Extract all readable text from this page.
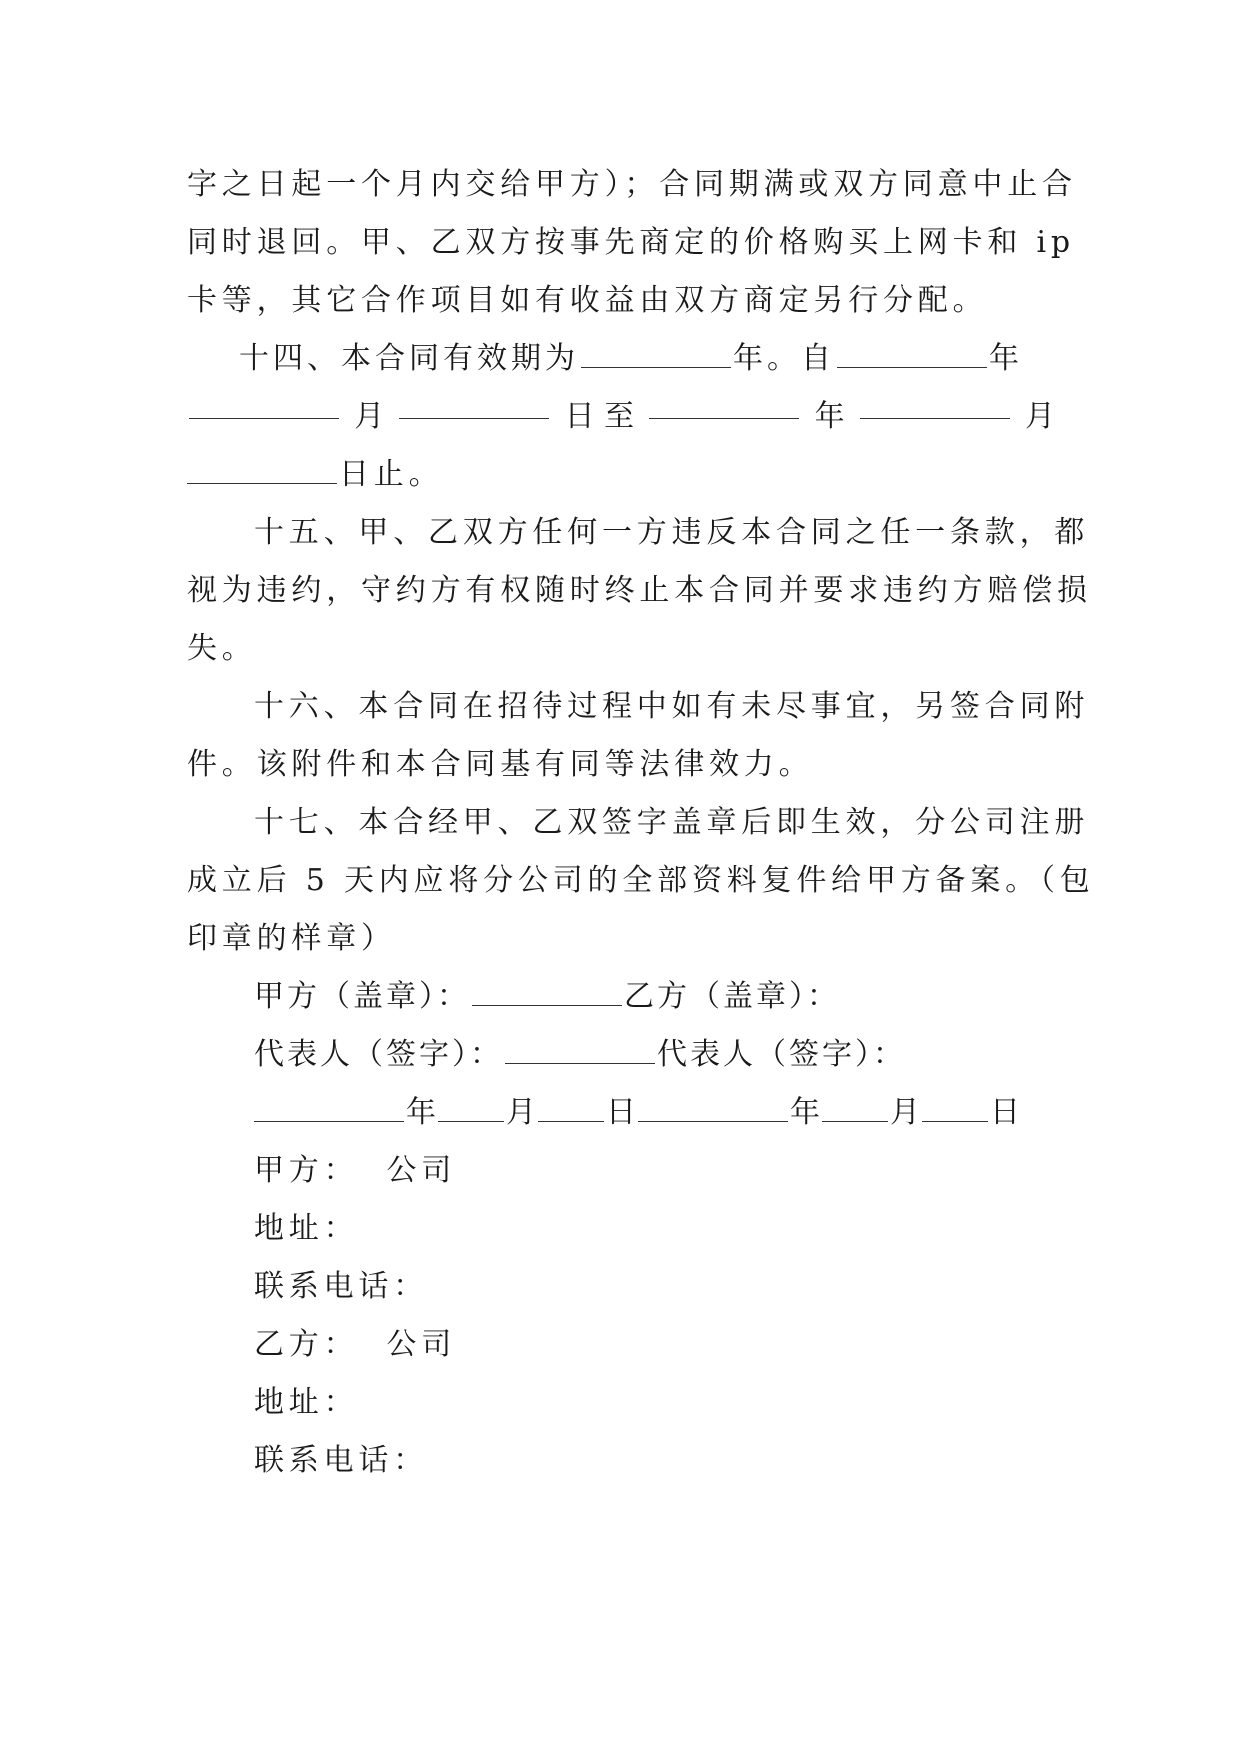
字之日起一个月内交给甲方）；合同期满或双方同意中止合
同时退回。甲、乙双方按事先商定的价格购买上网卡和 ip
卡等，其它合作项目如有收益由双方商定另行分配。
十四、本合同有效期为	年。自	年
月	日 至	年	月
日止。
十五、甲、乙双方任何一方违反本合同之任一条款，都
视为违约，守约方有权随时终止本合同并要求违约方赔偿损
失。
十六、本合同在招待过程中如有未尽事宜，另签合同附
件。该附件和本合同基有同等法律效力。
十七、本合经甲、乙双签字盖章后即生效，分公司注册
成立后 5 天内应将分公司的全部资料复件给甲方备案。（包
印章的样章）
甲方（盖章）：	乙方（盖章）：
代表人（签字）：	代表人（签字）：
年 月 日	年 月 日
甲方： 公司
地址：
联系电话：
乙方： 公司
地址：
联系电话：
